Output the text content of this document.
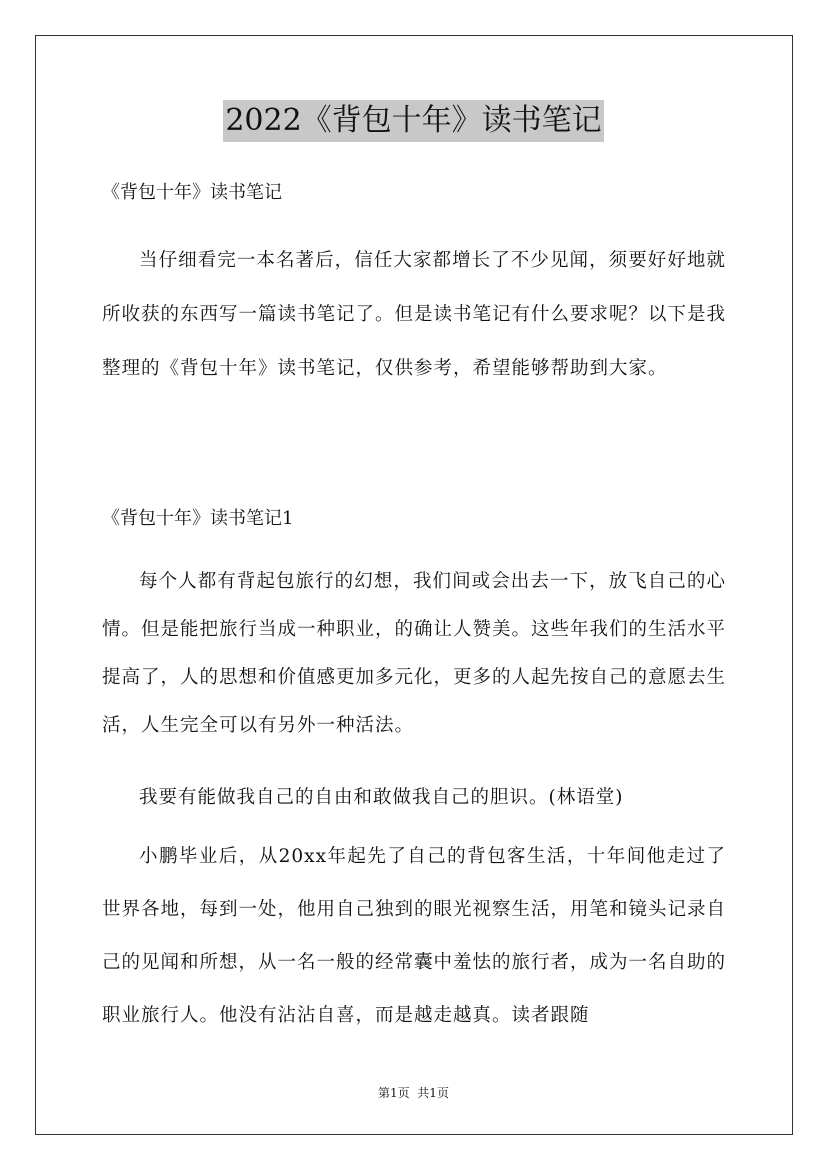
2022《背包十年》读书笔记
《背包十年》读书笔记

当仔细看完一本名著后，信任大家都增长了不少见闻，须要好好地就所收获的东西写一篇读书笔记了。但是读书笔记有什么要求呢？以下是我整理的《背包十年》读书笔记，仅供参考，希望能够帮助到大家。

《背包十年》读书笔记1

每个人都有背起包旅行的幻想，我们间或会出去一下，放飞自己的心情。但是能把旅行当成一种职业，的确让人赞美。这些年我们的生活水平提高了，人的思想和价值感更加多元化，更多的人起先按自己的意愿去生活，人生完全可以有另外一种活法。

我要有能做我自己的自由和敢做我自己的胆识。(林语堂)

小鹏毕业后，从20xx年起先了自己的背包客生活，十年间他走过了世界各地，每到一处，他用自己独到的眼光视察生活，用笔和镜头记录自己的见闻和所想，从一名一般的经常囊中羞怯的旅行者，成为一名自助的职业旅行人。他没有沾沾自喜，而是越走越真。读者跟随

第1页  共1页
